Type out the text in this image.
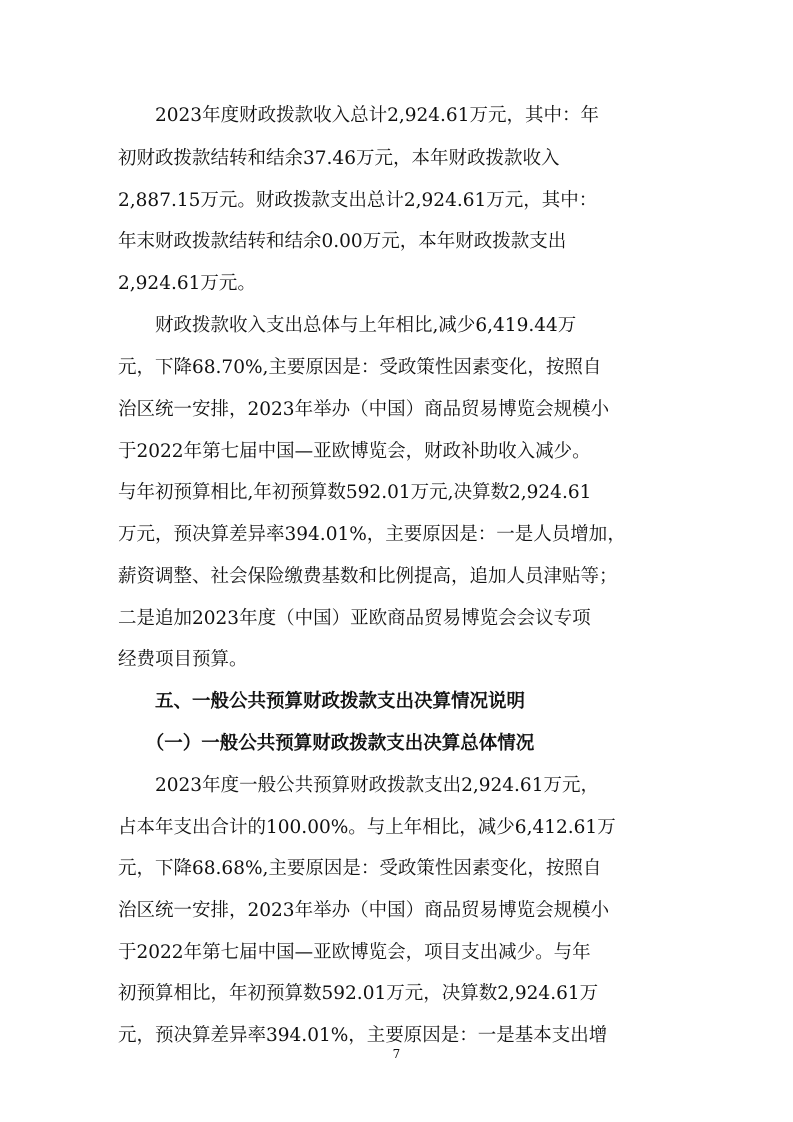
　　2023年度财政拨款收入总计2,924.61万元，其中：年
初财政拨款结转和结余37.46万元，本年财政拨款收入
2,887.15万元。财政拨款支出总计2,924.61万元，其中：
年末财政拨款结转和结余0.00万元，本年财政拨款支出
2,924.61万元。
　　财政拨款收入支出总体与上年相比,减少6,419.44万
元，下降68.70%,主要原因是：受政策性因素变化，按照自
治区统一安排，2023年举办（中国）商品贸易博览会规模小
于2022年第七届中国—亚欧博览会，财政补助收入减少。
与年初预算相比,年初预算数592.01万元,决算数2,924.61
万元，预决算差异率394.01%，主要原因是：一是人员增加，
薪资调整、社会保险缴费基数和比例提高，追加人员津贴等；
二是追加2023年度（中国）亚欧商品贸易博览会会议专项
经费项目预算。
　　五、一般公共预算财政拨款支出决算情况说明
　　（一）一般公共预算财政拨款支出决算总体情况
　　2023年度一般公共预算财政拨款支出2,924.61万元，
占本年支出合计的100.00%。与上年相比，减少6,412.61万
元，下降68.68%,主要原因是：受政策性因素变化，按照自
治区统一安排，2023年举办（中国）商品贸易博览会规模小
于2022年第七届中国—亚欧博览会，项目支出减少。与年
初预算相比，年初预算数592.01万元，决算数2,924.61万
元，预决算差异率394.01%，主要原因是：一是基本支出增
7
